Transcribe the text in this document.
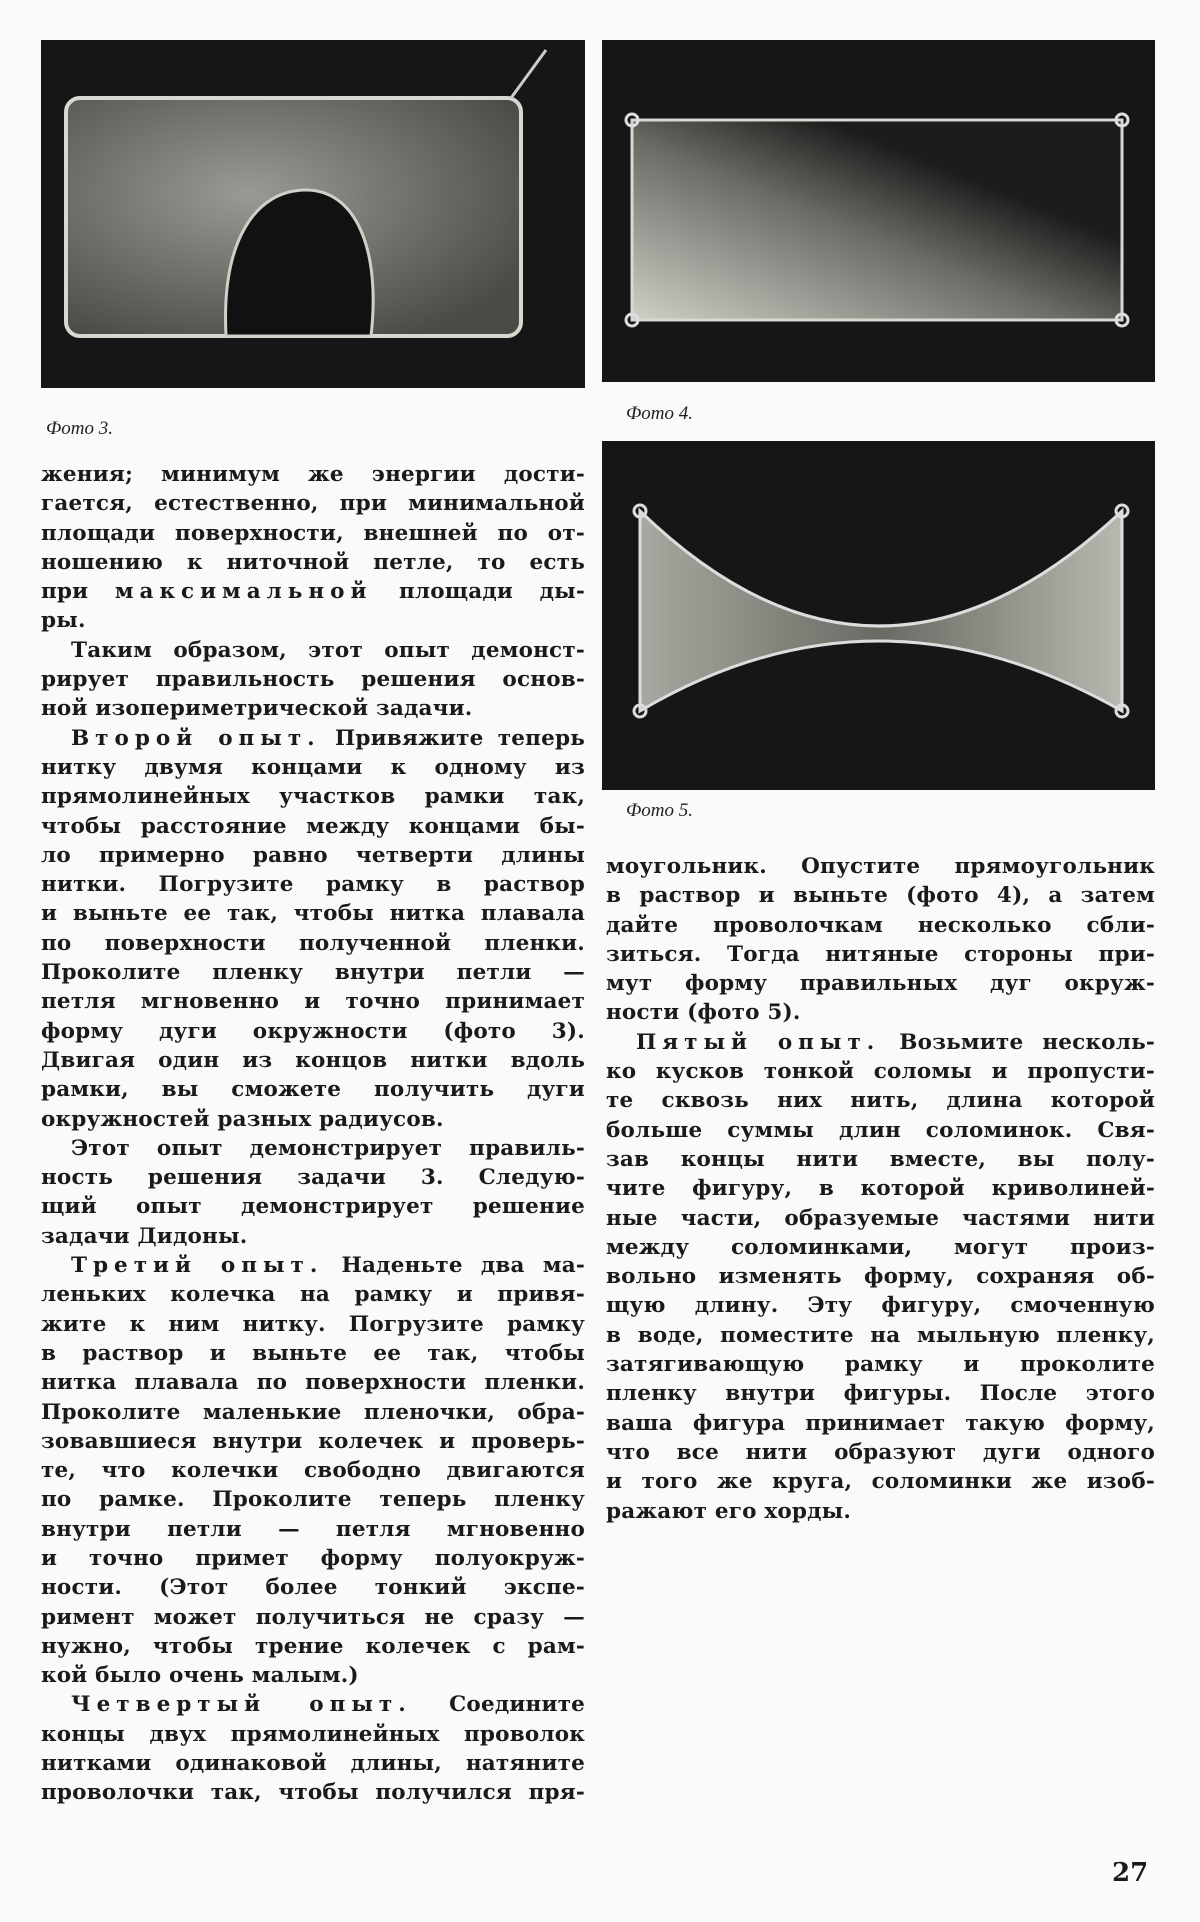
Фото 3.
Фото 4.
Фото 5.
жения; минимум же энергии дости-
гается, естественно, при минимальной
площади поверхности, внешней по от-
ношению к ниточной петле, то есть
при максимальной площади ды-
ры.
Таким образом, этот опыт демонст-
рирует правильность решения основ-
ной изопериметрической задачи.
Второй опыт. Привяжите теперь
нитку двумя концами к одному из
прямолинейных участков рамки так,
чтобы расстояние между концами бы-
ло примерно равно четверти длины
нитки. Погрузите рамку в раствор
и выньте ее так, чтобы нитка плавала
по поверхности полученной пленки.
Проколите пленку внутри петли —
петля мгновенно и точно принимает
форму дуги окружности (фото 3).
Двигая один из концов нитки вдоль
рамки, вы сможете получить дуги
окружностей разных радиусов.
Этот опыт демонстрирует правиль-
ность решения задачи 3. Следую-
щий опыт демонстрирует решение
задачи Дидоны.
Третий опыт. Наденьте два ма-
леньких колечка на рамку и привя-
жите к ним нитку. Погрузите рамку
в раствор и выньте ее так, чтобы
нитка плавала по поверхности пленки.
Проколите маленькие пленочки, обра-
зовавшиеся внутри колечек и проверь-
те, что колечки свободно двигаются
по рамке. Проколите теперь пленку
внутри петли — петля мгновенно
и точно примет форму полуокруж-
ности. (Этот более тонкий экспе-
римент может получиться не сразу —
нужно, чтобы трение колечек с рам-
кой было очень малым.)
Четвертый опыт. Соедините
концы двух прямолинейных проволок
нитками одинаковой длины, натяните
проволочки так, чтобы получился пря-
моугольник. Опустите прямоугольник
в раствор и выньте (фото 4), а затем
дайте проволочкам несколько сбли-
зиться. Тогда нитяные стороны при-
мут форму правильных дуг окруж-
ности (фото 5).
Пятый опыт. Возьмите несколь-
ко кусков тонкой соломы и пропусти-
те сквозь них нить, длина которой
больше суммы длин соломинок. Свя-
зав концы нити вместе, вы полу-
чите фигуру, в которой криволиней-
ные части, образуемые частями нити
между соломинками, могут произ-
вольно изменять форму, сохраняя об-
щую длину. Эту фигуру, смоченную
в воде, поместите на мыльную пленку,
затягивающую рамку и проколите
пленку внутри фигуры. После этого
ваша фигура принимает такую форму,
что все нити образуют дуги одного
и того же круга, соломинки же изоб-
ражают его хорды.
27
